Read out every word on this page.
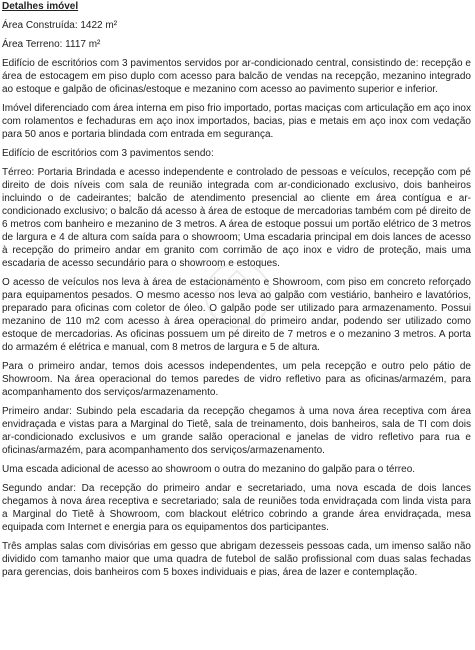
Detalhes imóvel
Área Construída: 1422 m²
Área Terreno: 1117 m²
Edifício de escritórios com 3 pavimentos servidos por ar-condicionado central, consistindo de: recepção e área de estocagem em piso duplo com acesso para balcão de vendas na recepção, mezanino integrado ao estoque e galpão de oficinas/estoque e mezanino com acesso ao pavimento superior e inferior.
Imóvel diferenciado com área interna em piso frio importado, portas maciças com articulação em aço inox com rolamentos e fechaduras em aço inox importados, bacias, pias e metais em aço inox com vedação para 50 anos e portaria blindada com entrada em segurança.
Edifício de escritórios com 3 pavimentos sendo:
Térreo: Portaria Brindada e acesso independente e controlado de pessoas e veículos, recepção com pé direito de dois níveis com sala de reunião integrada com ar-condicionado exclusivo, dois banheiros incluindo o de cadeirantes; balcão de atendimento presencial ao cliente em área contígua e ar-condicionado exclusivo; o balcão dá acesso à área de estoque de mercadorias também com pé direito de 6 metros com banheiro e mezanino de 3 metros. A área de estoque possui um portão elétrico de 3 metros de largura e 4 de altura com saída para o showroom; Uma escadaria principal em dois lances de acesso à recepção do primeiro andar em granito com corrimão de aço inox e vidro de proteção, mais uma escadaria de acesso secundário para o showroom e estoques.
O acesso de veículos nos leva à área de estacionamento e Showroom, com piso em concreto reforçado para equipamentos pesados. O mesmo acesso nos leva ao galpão com vestiário, banheiro e lavatórios, preparado para oficinas com coletor de óleo. O galpão pode ser utilizado para armazenamento. Possui mezanino de 110 m2 com acesso à área operacional do primeiro andar, podendo ser utilizado como estoque de mercadorias. As oficinas possuem um pé direito de 7 metros e o mezanino 3 metros. A porta do armazém é elétrica e manual, com 8 metros de largura e 5 de altura.
Para o primeiro andar, temos dois acessos independentes, um pela recepção e outro pelo pátio de Showroom. Na área operacional do temos paredes de vidro refletivo para as oficinas/armazém, para acompanhamento dos serviços/armazenamento.
Primeiro andar: Subindo pela escadaria da recepção chegamos à uma nova área receptiva com área envidraçada e vistas para a Marginal do Tietê, sala de treinamento, dois banheiros, sala de TI com dois ar-condicionado exclusivos e um grande salão operacional e janelas de vidro refletivo para rua e oficinas/armazém, para acompanhamento dos serviços/armazenamento.
Uma escada adicional de acesso ao showroom o outra do mezanino do galpão para o térreo.
Segundo andar: Da recepção do primeiro andar e secretariado, uma nova escada de dois lances chegamos à nova área receptiva e secretariado; sala de reuniões toda envidraçada com linda vista para a Marginal do Tietê à Showroom, com blackout elétrico cobrindo a grande área envidraçada, mesa equipada com Internet e energia para os equipamentos dos participantes.
Três amplas salas com divisórias em gesso que abrigam dezesseis pessoas cada, um imenso salão não dividido com tamanho maior que uma quadra de futebol de salão profissional com duas salas fechadas para gerencias, dois banheiros com 5 boxes individuais e pias, área de lazer e contemplação.
